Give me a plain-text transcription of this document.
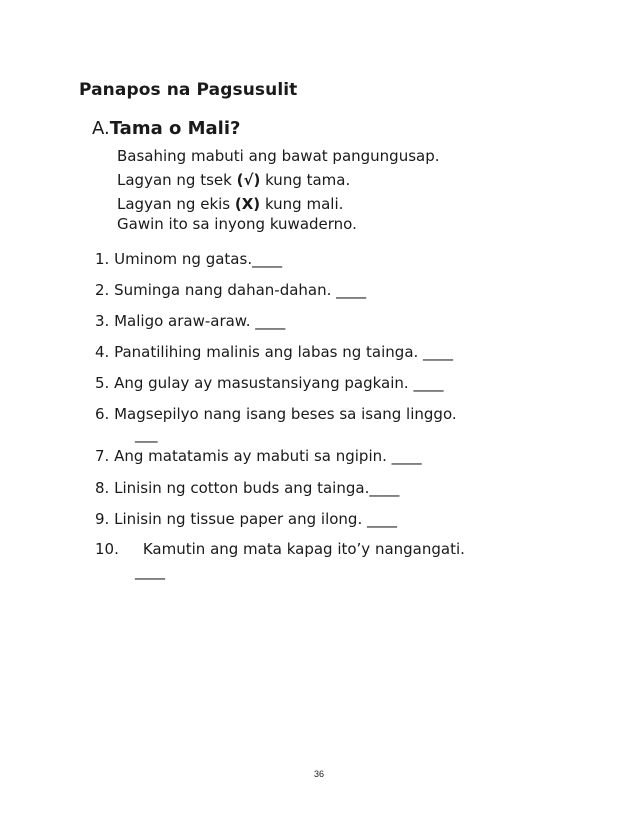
Panapos na Pagsusulit
A.Tama o Mali?
Basahing mabuti ang bawat pangungusap.
Lagyan ng tsek (√) kung tama.
Lagyan ng ekis (X) kung mali.
Gawin ito sa inyong kuwaderno.
1. Uminom ng gatas.____
2. Suminga nang dahan-dahan. ____
3. Maligo araw-araw. ____
4. Panatilihing malinis ang labas ng tainga. ____
5. Ang gulay ay masustansiyang pagkain. ____
6. Magsepilyo nang isang beses sa isang linggo.
___
7. Ang matatamis ay mabuti sa ngipin. ____
8. Linisin ng cotton buds ang tainga.____
9. Linisin ng tissue paper ang ilong. ____
10. Kamutin ang mata kapag ito’y nangangati.
____
36
